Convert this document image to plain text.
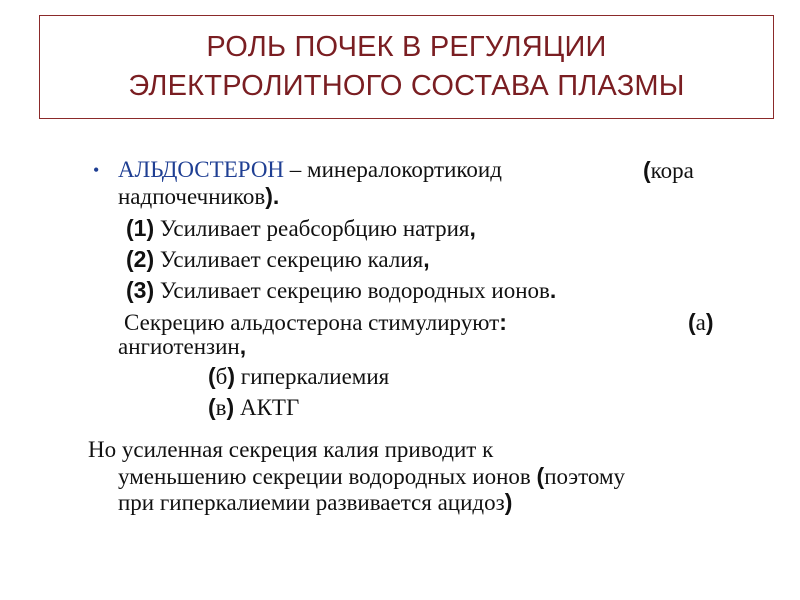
РОЛЬ ПОЧЕК В РЕГУЛЯЦИИ
ЭЛЕКТРОЛИТНОГО СОСТАВА ПЛАЗМЫ
• АЛЬДОСТЕРОН – минералокортикоид	(кора
надпочечников).
(1) Усиливает реабсорбцию натрия,
(2) Усиливает секрецию калия,
(3) Усиливает секрецию водородных ионов.
Секрецию альдостерона стимулируют:	(а)
ангиотензин,
(б) гиперкалиемия
(в) АКТГ
Но усиленная секреция калия приводит к
уменьшению секреции водородных ионов (поэтому
при гиперкалиемии развивается ацидоз)
